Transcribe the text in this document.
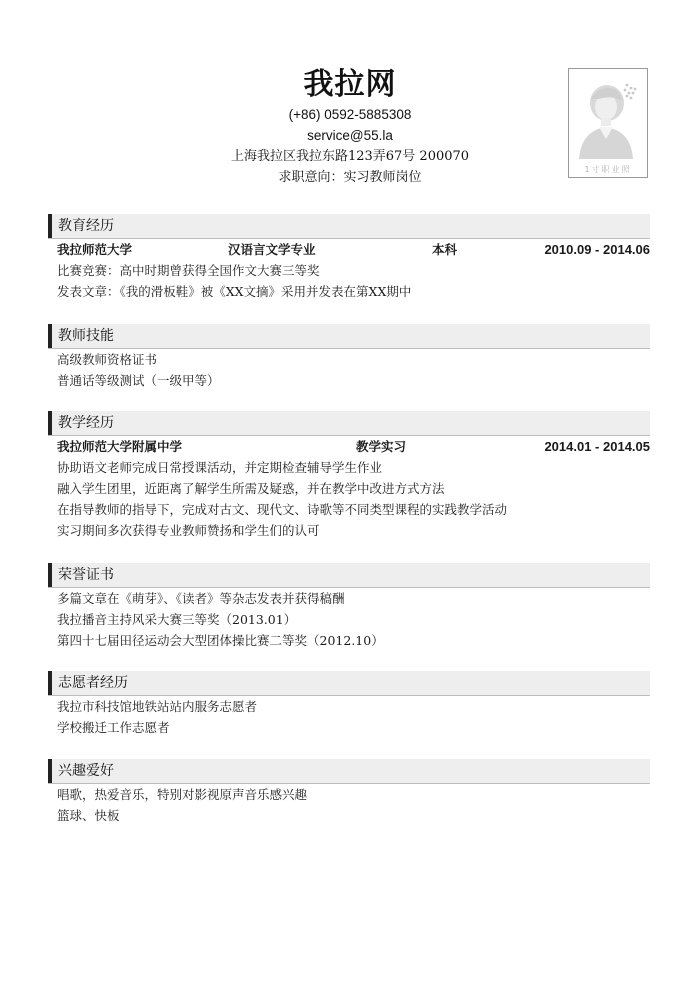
我拉网
(+86) 0592-5885308
service@55.la
上海我拉区我拉东路123弄67号 200070
求职意向：实习教师岗位
1寸职业照
教育经历
我拉师范大学	汉语言文学专业	本科	2010.09 - 2014.06
比赛竞赛：高中时期曾获得全国作文大赛三等奖
发表文章：《我的滑板鞋》被《XX文摘》采用并发表在第XX期中
教师技能
高级教师资格证书
普通话等级测试（一级甲等）
教学经历
我拉师范大学附属中学	教学实习	2014.01 - 2014.05
协助语文老师完成日常授课活动，并定期检查辅导学生作业
融入学生团里，近距离了解学生所需及疑惑，并在教学中改进方式方法
在指导教师的指导下，完成对古文、现代文、诗歌等不同类型课程的实践教学活动
实习期间多次获得专业教师赞扬和学生们的认可
荣誉证书
多篇文章在《萌芽》、《读者》等杂志发表并获得稿酬
我拉播音主持风采大赛三等奖（2013.01）
第四十七届田径运动会大型团体操比赛二等奖（2012.10）
志愿者经历
我拉市科技馆地铁站站内服务志愿者
学校搬迁工作志愿者
兴趣爱好
唱歌，热爱音乐，特别对影视原声音乐感兴趣
篮球、快板
